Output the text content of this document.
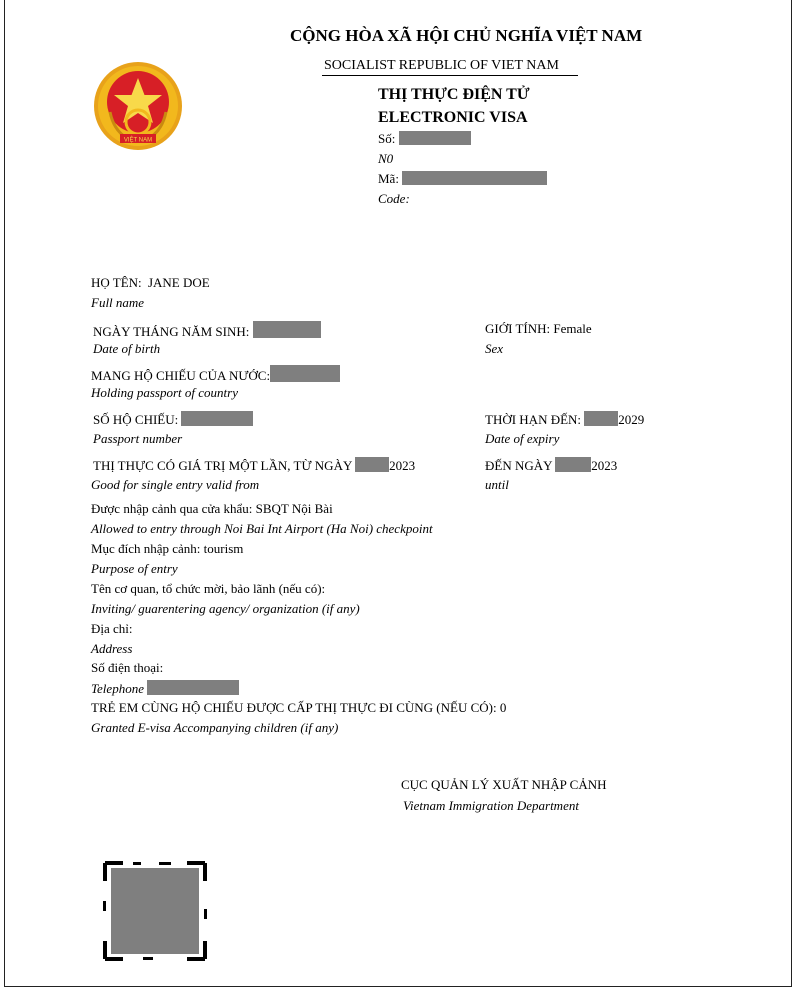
CỘNG HÒA XÃ HỘI CHỦ NGHĨA VIỆT NAM
SOCIALIST REPUBLIC OF VIET NAM
VIỆT NAM
THỊ THỰC ĐIỆN TỬ
ELECTRONIC VISA
Số:
N0
Mã:
Code:
HỌ TÊN: JANE DOE
Full name
NGÀY THÁNG NĂM SINH:
Date of birth
GIỚI TÍNH: Female
Sex
MANG HỘ CHIẾU CỦA NƯỚC:
Holding passport of country
SỐ HỘ CHIẾU:
Passport number
THỜI HẠN ĐẾN:	2029
Date of expiry
THỊ THỰC CÓ GIÁ TRỊ MỘT LẦN, TỪ NGÀY	2023
Good for single entry valid from
ĐẾN NGÀY	2023
until
Được nhập cảnh qua cửa khẩu: SBQT Nội Bài
Allowed to entry through Noi Bai Int Airport (Ha Noi) checkpoint
Mục đích nhập cảnh: tourism
Purpose of entry
Tên cơ quan, tổ chức mời, bảo lãnh (nếu có):
Inviting/ guarentering agency/ organization (if any)
Địa chỉ:
Address
Số điện thoại:
Telephone
TRẺ EM CÙNG HỘ CHIẾU ĐƯỢC CẤP THỊ THỰC ĐI CÙNG (NẾU CÓ): 0
Granted E-visa Accompanying children (if any)
CỤC QUẢN LÝ XUẤT NHẬP CẢNH
Vietnam Immigration Department
